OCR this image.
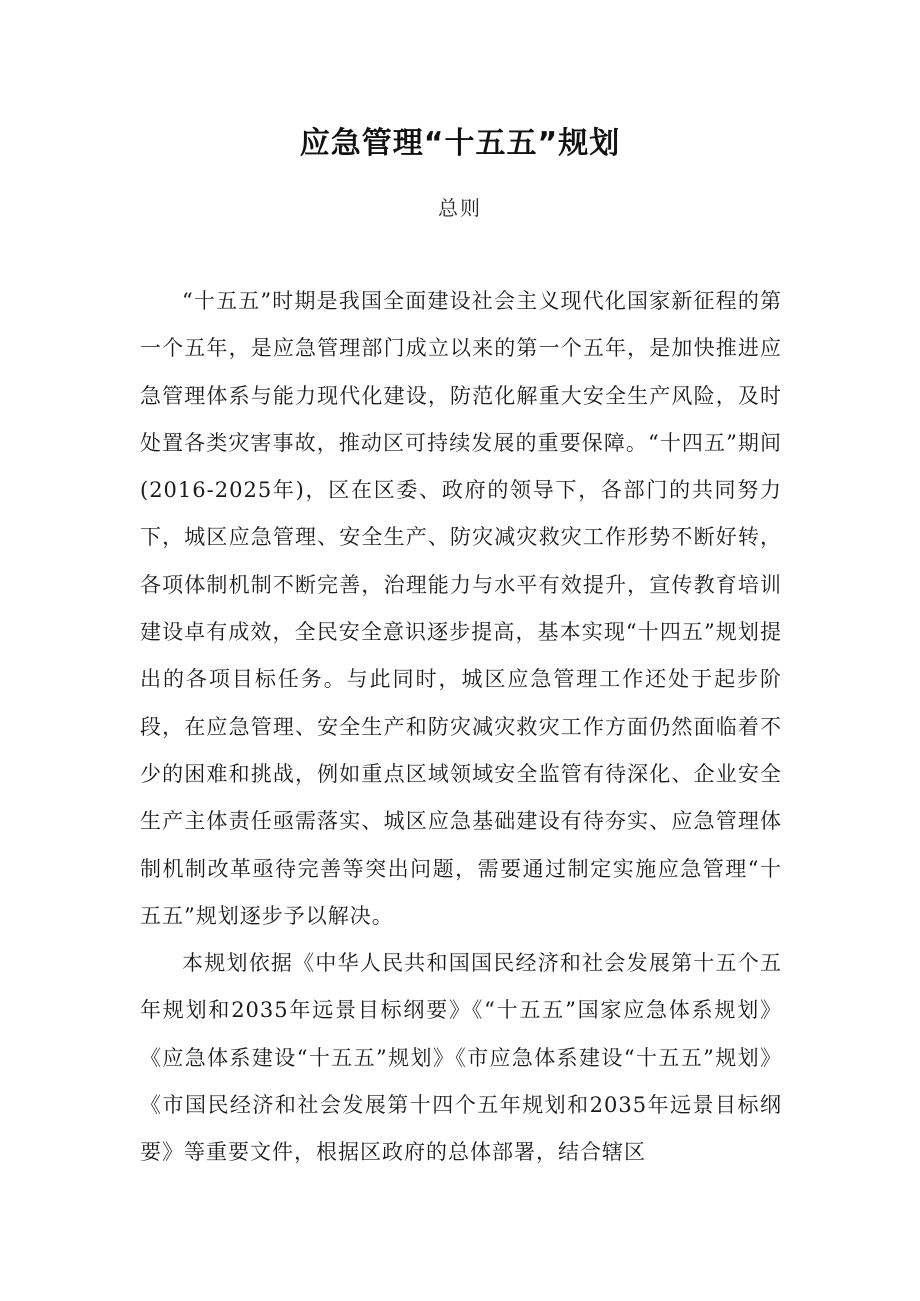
应急管理“十五五”规划
总则

“十五五”时期是我国全面建设社会主义现代化国家新征程的第一个五年，是应急管理部门成立以来的第一个五年，是加快推进应急管理体系与能力现代化建设，防范化解重大安全生产风险，及时处置各类灾害事故，推动区可持续发展的重要保障。“十四五”期间(2016-2025年)，区在区委、政府的领导下，各部门的共同努力下，城区应急管理、安全生产、防灾减灾救灾工作形势不断好转，各项体制机制不断完善，治理能力与水平有效提升，宣传教育培训建设卓有成效，全民安全意识逐步提高，基本实现“十四五”规划提出的各项目标任务。与此同时，城区应急管理工作还处于起步阶段，在应急管理、安全生产和防灾减灾救灾工作方面仍然面临着不少的困难和挑战，例如重点区域领域安全监管有待深化、企业安全生产主体责任亟需落实、城区应急基础建设有待夯实、应急管理体制机制改革亟待完善等突出问题，需要通过制定实施应急管理“十五五”规划逐步予以解决。

本规划依据《中华人民共和国国民经济和社会发展第十五个五年规划和2035年远景目标纲要》《“十五五”国家应急体系规划》《应急体系建设“十五五”规划》《市应急体系建设“十五五”规划》《市国民经济和社会发展第十四个五年规划和2035年远景目标纲要》等重要文件，根据区政府的总体部署，结合辖区
